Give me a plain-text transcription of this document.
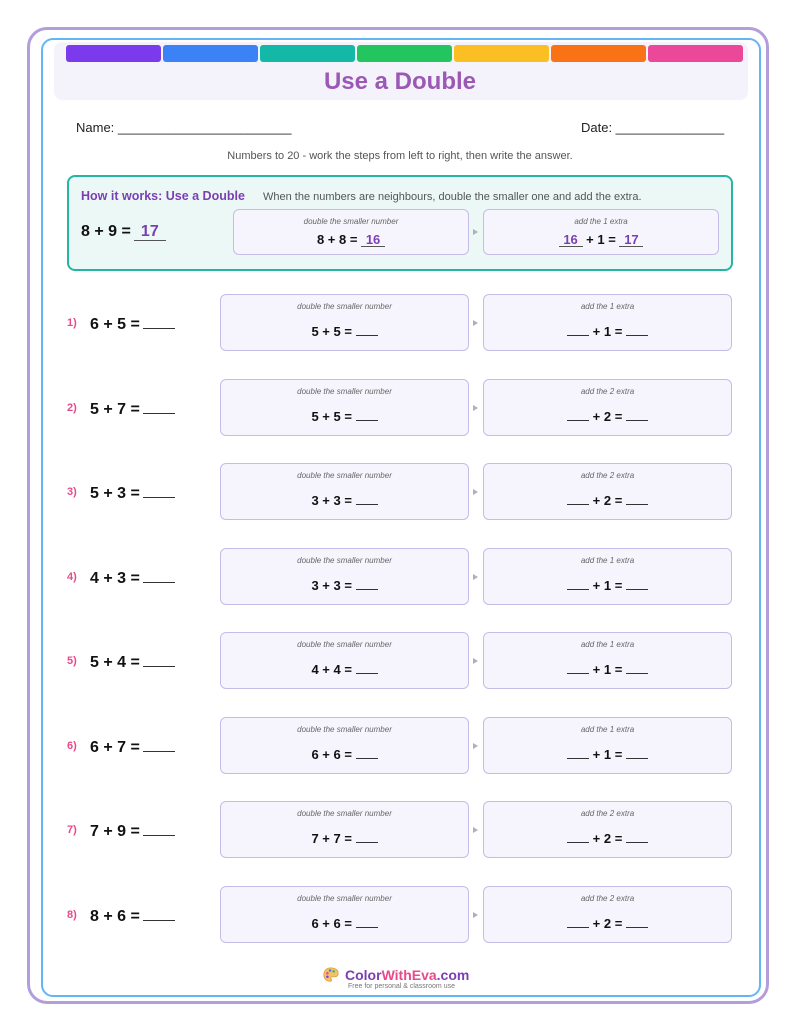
Use a Double
Name: ________________________	Date: _______________
Numbers to 20 - work the steps from left to right, then write the answer.
How it works: Use a Double When the numbers are neighbours, double the smaller one and add the extra.
8 + 9 = 17
double the smaller number
8 + 8 = 16
add the 1 extra
16 + 1 = 17
1) 6 + 5 =
double the smaller number
5 + 5 =
add the 1 extra
+ 1 =
2) 5 + 7 =
double the smaller number
5 + 5 =
add the 2 extra
+ 2 =
3) 5 + 3 =
double the smaller number
3 + 3 =
add the 2 extra
+ 2 =
4) 4 + 3 =
double the smaller number
3 + 3 =
add the 1 extra
+ 1 =
5) 5 + 4 =
double the smaller number
4 + 4 =
add the 1 extra
+ 1 =
6) 6 + 7 =
double the smaller number
6 + 6 =
add the 1 extra
+ 1 =
7) 7 + 9 =
double the smaller number
7 + 7 =
add the 2 extra
+ 2 =
8) 8 + 6 =
double the smaller number
6 + 6 =
add the 2 extra
+ 2 =
ColorWithEva.com
Free for personal & classroom use
